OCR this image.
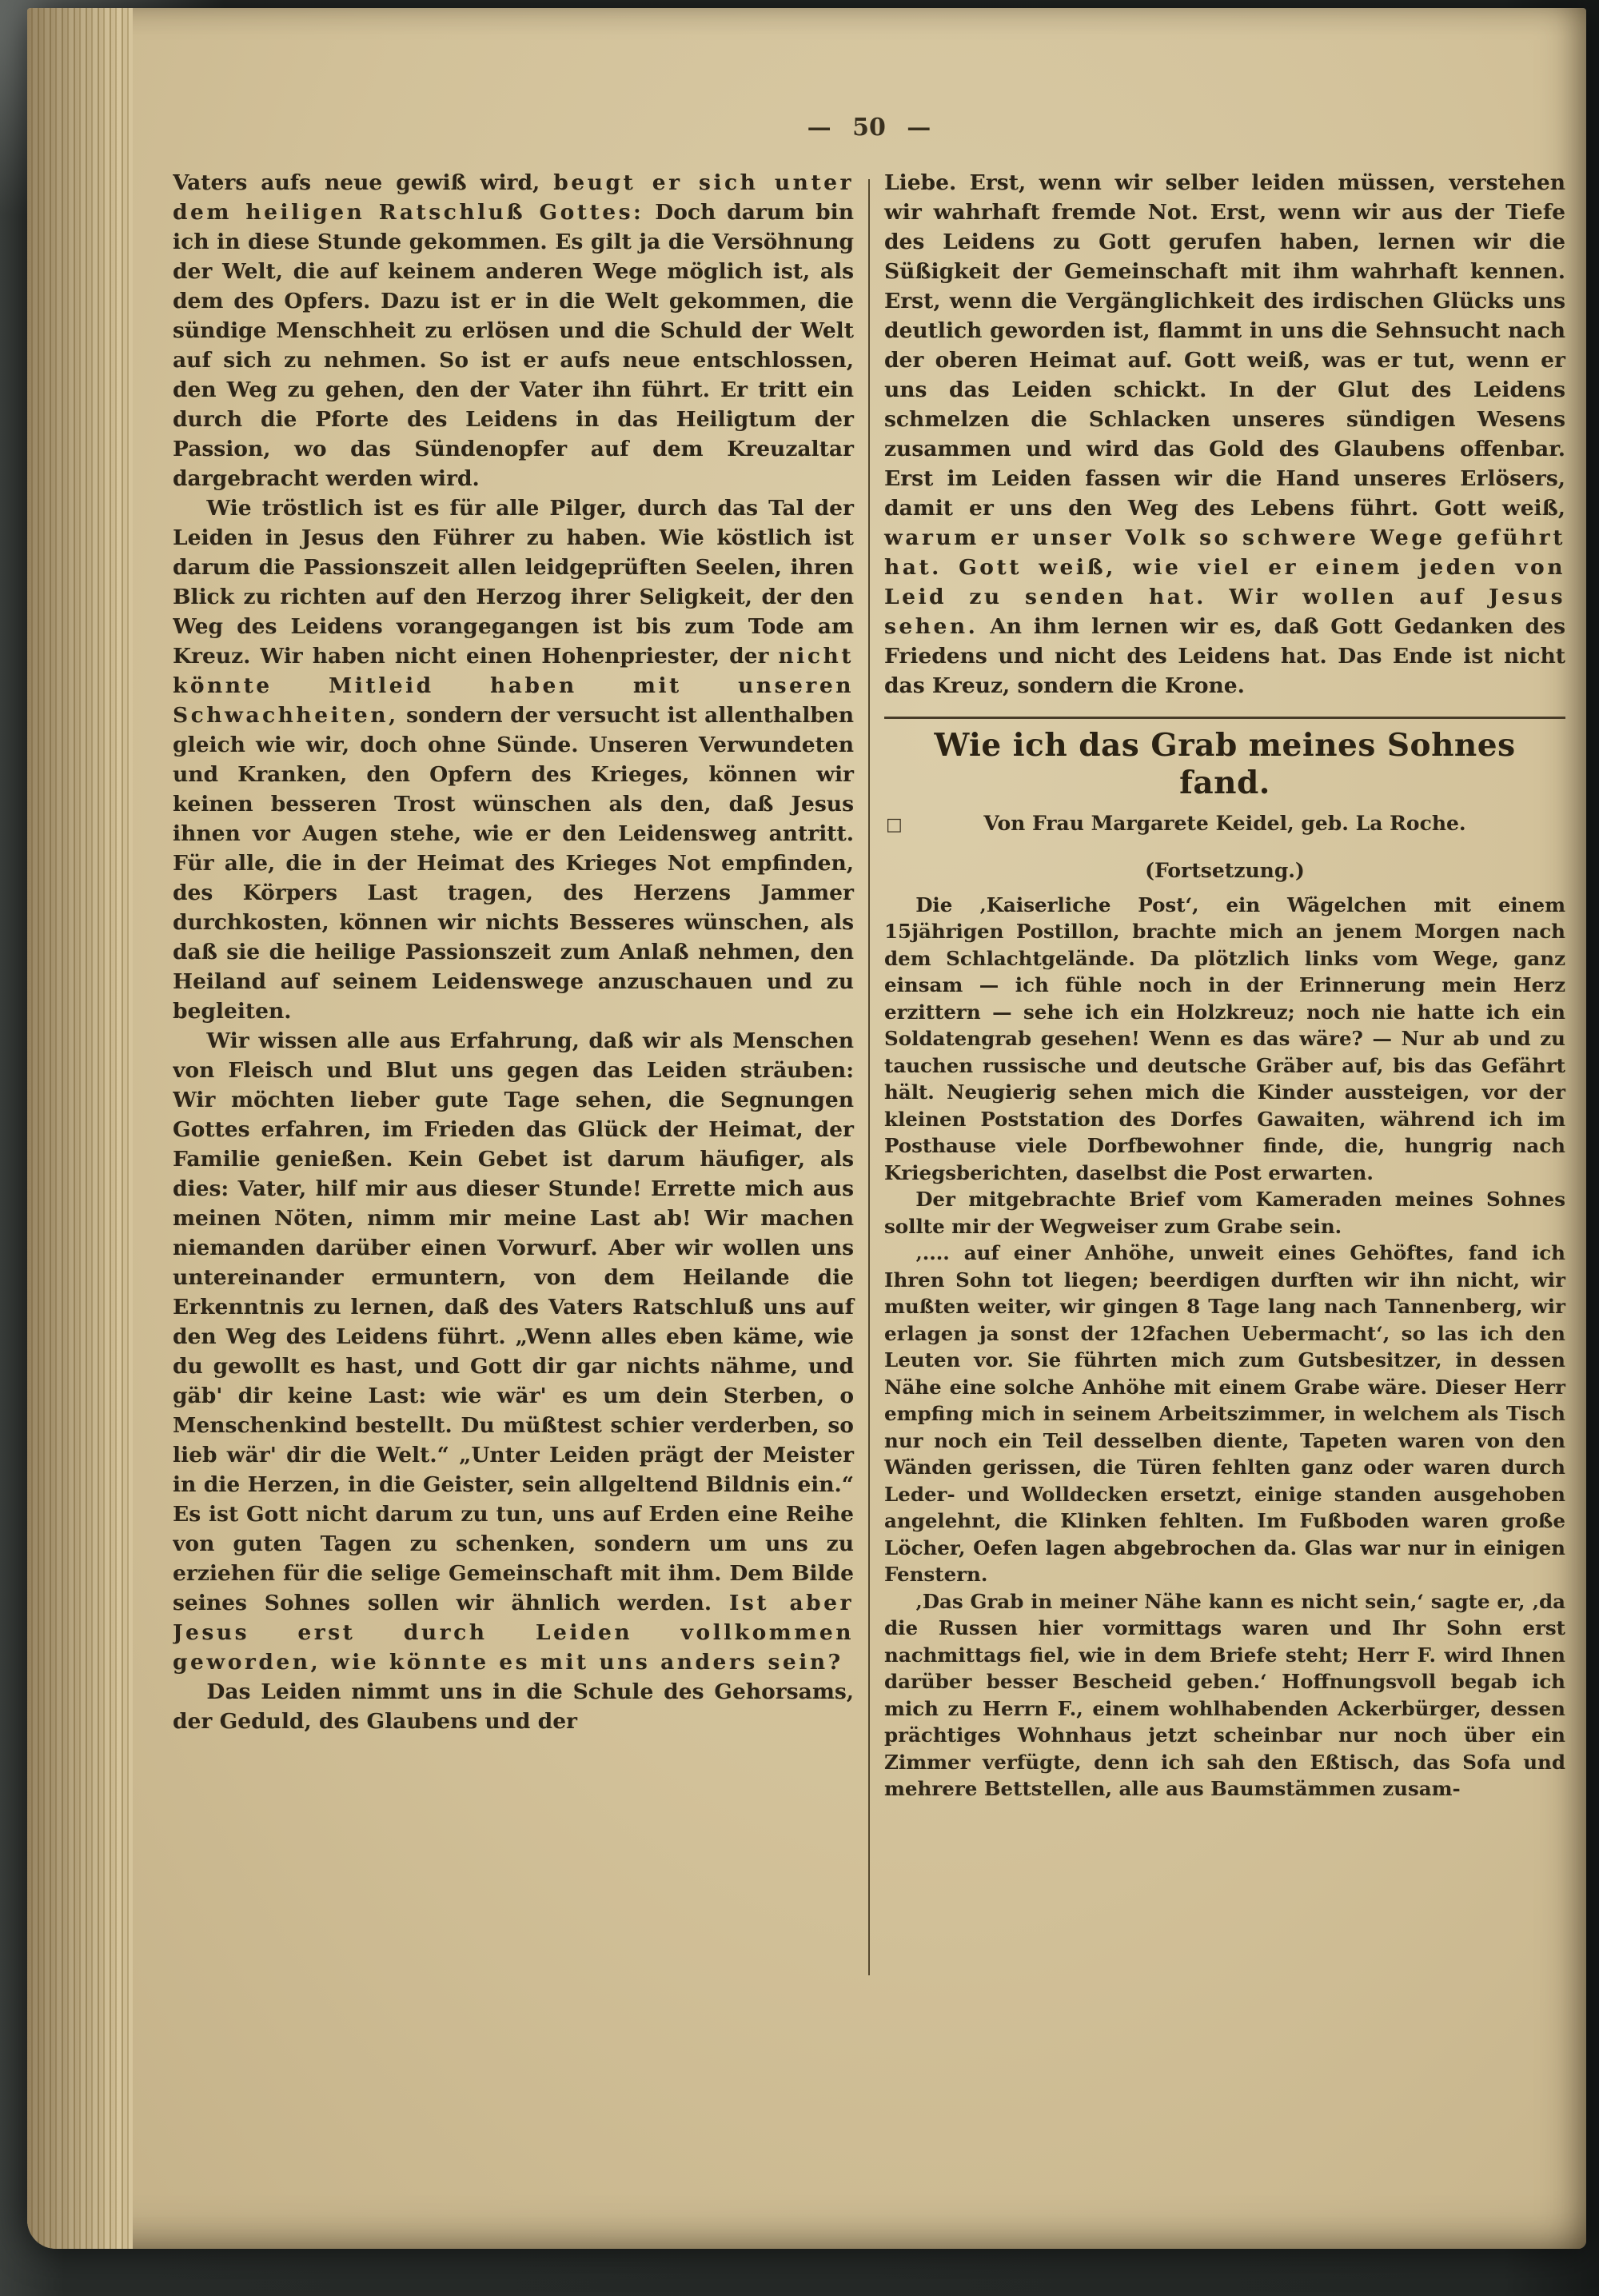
— 50 —

Vaters aufs neue gewiß wird, beugt er sich unter dem heiligen Ratschluß Gottes: Doch darum bin ich in diese Stunde gekommen. Es gilt ja die Versöhnung der Welt, die auf keinem anderen Wege möglich ist, als dem des Opfers. Dazu ist er in die Welt gekommen, die sündige Menschheit zu erlösen und die Schuld der Welt auf sich zu nehmen. So ist er aufs neue entschlossen, den Weg zu gehen, den der Vater ihn führt. Er tritt ein durch die Pforte des Leidens in das Heiligtum der Passion, wo das Sündenopfer auf dem Kreuzaltar dargebracht werden wird.

Wie tröstlich ist es für alle Pilger, durch das Tal der Leiden in Jesus den Führer zu haben. Wie köstlich ist darum die Passionszeit allen leidgeprüften Seelen, ihren Blick zu richten auf den Herzog ihrer Seligkeit, der den Weg des Leidens vorangegangen ist bis zum Tode am Kreuz. Wir haben nicht einen Hohenpriester, der nicht könnte Mitleid haben mit unseren Schwachheiten, sondern der versucht ist allenthalben gleich wie wir, doch ohne Sünde. Unseren Verwundeten und Kranken, den Opfern des Krieges, können wir keinen besseren Trost wünschen als den, daß Jesus ihnen vor Augen stehe, wie er den Leidensweg antritt. Für alle, die in der Heimat des Krieges Not empfinden, des Körpers Last tragen, des Herzens Jammer durchkosten, können wir nichts Besseres wünschen, als daß sie die heilige Passionszeit zum Anlaß nehmen, den Heiland auf seinem Leidenswege anzuschauen und zu begleiten.

Wir wissen alle aus Erfahrung, daß wir als Menschen von Fleisch und Blut uns gegen das Leiden sträuben: Wir möchten lieber gute Tage sehen, die Segnungen Gottes erfahren, im Frieden das Glück der Heimat, der Familie genießen. Kein Gebet ist darum häufiger, als dies: Vater, hilf mir aus dieser Stunde! Errette mich aus meinen Nöten, nimm mir meine Last ab! Wir machen niemanden darüber einen Vorwurf. Aber wir wollen uns untereinander ermuntern, von dem Heilande die Erkenntnis zu lernen, daß des Vaters Ratschluß uns auf den Weg des Leidens führt. „Wenn alles eben käme, wie du gewollt es hast, und Gott dir gar nichts nähme, und gäb' dir keine Last: wie wär' es um dein Sterben, o Menschenkind bestellt. Du müßtest schier verderben, so lieb wär' dir die Welt.“ „Unter Leiden prägt der Meister in die Herzen, in die Geister, sein allgeltend Bildnis ein.“ Es ist Gott nicht darum zu tun, uns auf Erden eine Reihe von guten Tagen zu schenken, sondern um uns zu erziehen für die selige Gemeinschaft mit ihm. Dem Bilde seines Sohnes sollen wir ähnlich werden. Ist aber Jesus erst durch Leiden vollkommen geworden, wie könnte es mit uns anders sein?

Das Leiden nimmt uns in die Schule des Gehorsams, der Geduld, des Glaubens und der

Liebe. Erst, wenn wir selber leiden müssen, verstehen wir wahrhaft fremde Not. Erst, wenn wir aus der Tiefe des Leidens zu Gott gerufen haben, lernen wir die Süßigkeit der Gemeinschaft mit ihm wahrhaft kennen. Erst, wenn die Vergänglichkeit des irdischen Glücks uns deutlich geworden ist, flammt in uns die Sehnsucht nach der oberen Heimat auf. Gott weiß, was er tut, wenn er uns das Leiden schickt. In der Glut des Leidens schmelzen die Schlacken unseres sündigen Wesens zusammen und wird das Gold des Glaubens offenbar. Erst im Leiden fassen wir die Hand unseres Erlösers, damit er uns den Weg des Lebens führt. Gott weiß, warum er unser Volk so schwere Wege geführt hat. Gott weiß, wie viel er einem jeden von Leid zu senden hat. Wir wollen auf Jesus sehen. An ihm lernen wir es, daß Gott Gedanken des Friedens und nicht des Leidens hat. Das Ende ist nicht das Kreuz, sondern die Krone.

Wie ich das Grab meines Sohnes fand.
□	Von Frau Margarete Keidel, geb. La Roche.
(Fortsetzung.)

Die ‚Kaiserliche Post‘, ein Wägelchen mit einem 15jährigen Postillon, brachte mich an jenem Morgen nach dem Schlachtgelände. Da plötzlich links vom Wege, ganz einsam — ich fühle noch in der Erinnerung mein Herz erzittern — sehe ich ein Holzkreuz; noch nie hatte ich ein Soldatengrab gesehen! Wenn es das wäre? — Nur ab und zu tauchen russische und deutsche Gräber auf, bis das Gefährt hält. Neugierig sehen mich die Kinder aussteigen, vor der kleinen Poststation des Dorfes Gawaiten, während ich im Posthause viele Dorfbewohner finde, die, hungrig nach Kriegsberichten, daselbst die Post erwarten.

Der mitgebrachte Brief vom Kameraden meines Sohnes sollte mir der Wegweiser zum Grabe sein.

‚.... auf einer Anhöhe, unweit eines Gehöftes, fand ich Ihren Sohn tot liegen; beerdigen durften wir ihn nicht, wir mußten weiter, wir gingen 8 Tage lang nach Tannenberg, wir erlagen ja sonst der 12fachen Uebermacht‘, so las ich den Leuten vor. Sie führten mich zum Gutsbesitzer, in dessen Nähe eine solche Anhöhe mit einem Grabe wäre. Dieser Herr empfing mich in seinem Arbeitszimmer, in welchem als Tisch nur noch ein Teil desselben diente, Tapeten waren von den Wänden gerissen, die Türen fehlten ganz oder waren durch Leder- und Wolldecken ersetzt, einige standen ausgehoben angelehnt, die Klinken fehlten. Im Fußboden waren große Löcher, Oefen lagen abgebrochen da. Glas war nur in einigen Fenstern.

‚Das Grab in meiner Nähe kann es nicht sein,‘ sagte er, ‚da die Russen hier vormittags waren und Ihr Sohn erst nachmittags fiel, wie in dem Briefe steht; Herr F. wird Ihnen darüber besser Bescheid geben.‘ Hoffnungsvoll begab ich mich zu Herrn F., einem wohlhabenden Ackerbürger, dessen prächtiges Wohnhaus jetzt scheinbar nur noch über ein Zimmer verfügte, denn ich sah den Eßtisch, das Sofa und mehrere Bettstellen, alle aus Baumstämmen zusam-
